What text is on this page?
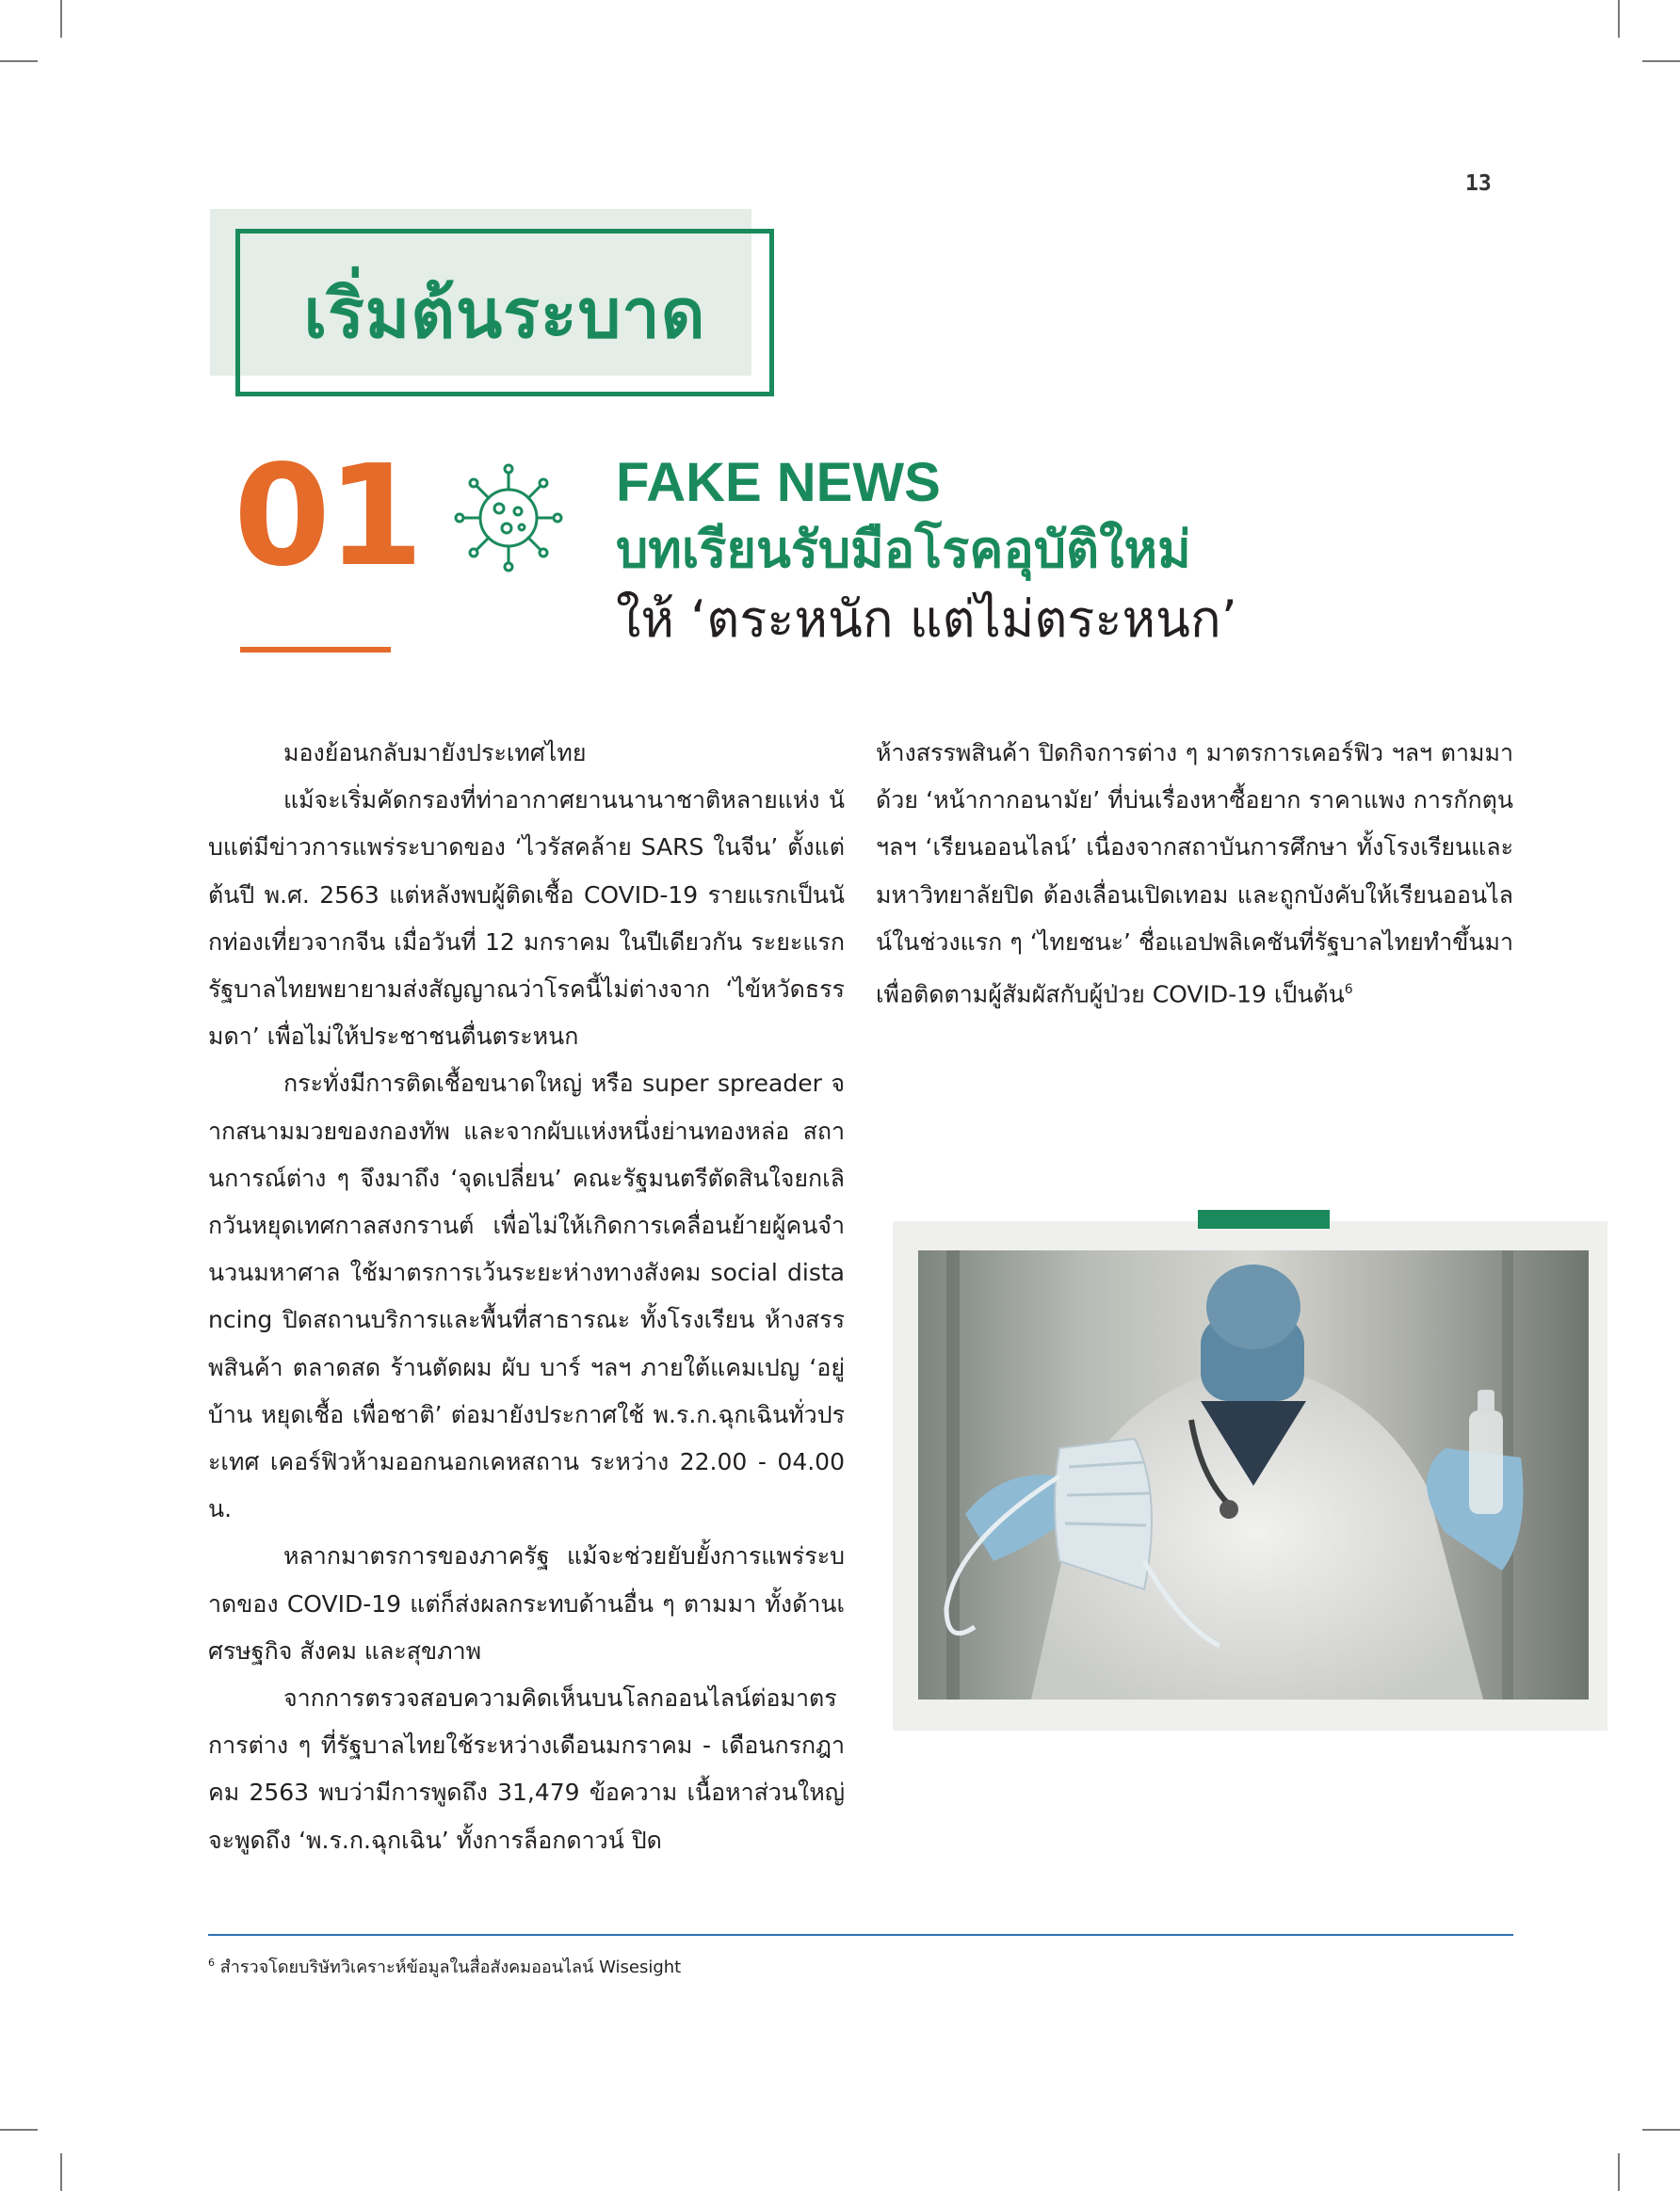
13
เริ่มต้นระบาด
01	FAKE NEWS
บทเรียนรับมือโรคอุบัติใหม่
ให้ ‘ตระหนัก แต่ไม่ตระหนก’

มองย้อนกลับมายังประเทศไทย

แม้จะเริ่มคัดกรองที่ท่าอากาศยานนานาชาติหลายแห่ง นับแต่มีข่าวการแพร่ระบาดของ ‘ไวรัสคล้าย SARS ในจีน’ ตั้งแต่ต้นปี พ.ศ. 2563 แต่หลังพบผู้ติดเชื้อ COVID-19 รายแรกเป็นนักท่องเที่ยวจากจีน เมื่อวันที่ 12 มกราคม ในปีเดียวกัน ระยะแรกรัฐบาลไทยพยายามส่งสัญญาณว่าโรคนี้ไม่ต่างจาก ‘ไข้หวัดธรรมดา’ เพื่อไม่ให้ประชาชนตื่นตระหนก

กระทั่งมีการติดเชื้อขนาดใหญ่ หรือ super spreader จากสนามมวยของกองทัพ และจากผับแห่งหนึ่งย่านทองหล่อ สถานการณ์ต่าง ๆ จึงมาถึง ‘จุดเปลี่ยน’ คณะรัฐมนตรีตัดสินใจยกเลิกวันหยุดเทศกาลสงกรานต์ เพื่อไม่ให้เกิดการเคลื่อนย้ายผู้คนจำนวนมหาศาล ใช้มาตรการเว้นระยะห่างทางสังคม social distancing ปิดสถานบริการและพื้นที่สาธารณะ ทั้งโรงเรียน ห้างสรรพสินค้า ตลาดสด ร้านตัดผม ผับ บาร์ ฯลฯ ภายใต้แคมเปญ ‘อยู่บ้าน หยุดเชื้อ เพื่อชาติ’ ต่อมายังประกาศใช้ พ.ร.ก.ฉุกเฉินทั่วประเทศ เคอร์ฟิวห้ามออกนอกเคหสถาน ระหว่าง 22.00 - 04.00 น.

หลากมาตรการของภาครัฐ แม้จะช่วยยับยั้งการแพร่ระบาดของ COVID-19 แต่ก็ส่งผลกระทบด้านอื่น ๆ ตามมา ทั้งด้านเศรษฐกิจ สังคม และสุขภาพ

จากการตรวจสอบความคิดเห็นบนโลกออนไลน์ต่อมาตรการต่าง ๆ ที่รัฐบาลไทยใช้ระหว่างเดือนมกราคม - เดือนกรกฎาคม 2563 พบว่ามีการพูดถึง 31,479 ข้อความ เนื้อหาส่วนใหญ่จะพูดถึง ‘พ.ร.ก.ฉุกเฉิน’ ทั้งการล็อกดาวน์ ปิด

ห้างสรรพสินค้า ปิดกิจการต่าง ๆ มาตรการเคอร์ฟิว ฯลฯ ตามมาด้วย ‘หน้ากากอนามัย’ ที่บ่นเรื่องหาซื้อยาก ราคาแพง การกักตุน ฯลฯ ‘เรียนออนไลน์’ เนื่องจากสถาบันการศึกษา ทั้งโรงเรียนและมหาวิทยาลัยปิด ต้องเลื่อนเปิดเทอม และถูกบังคับให้เรียนออนไลน์ในช่วงแรก ๆ ‘ไทยชนะ’ ชื่อแอปพลิเคชันที่รัฐบาลไทยทำขึ้นมาเพื่อติดตามผู้สัมผัสกับผู้ป่วย COVID-19 เป็นต้น$^6$

$^6$ สำรวจโดยบริษัทวิเคราะห์ข้อมูลในสื่อสังคมออนไลน์ Wisesight
